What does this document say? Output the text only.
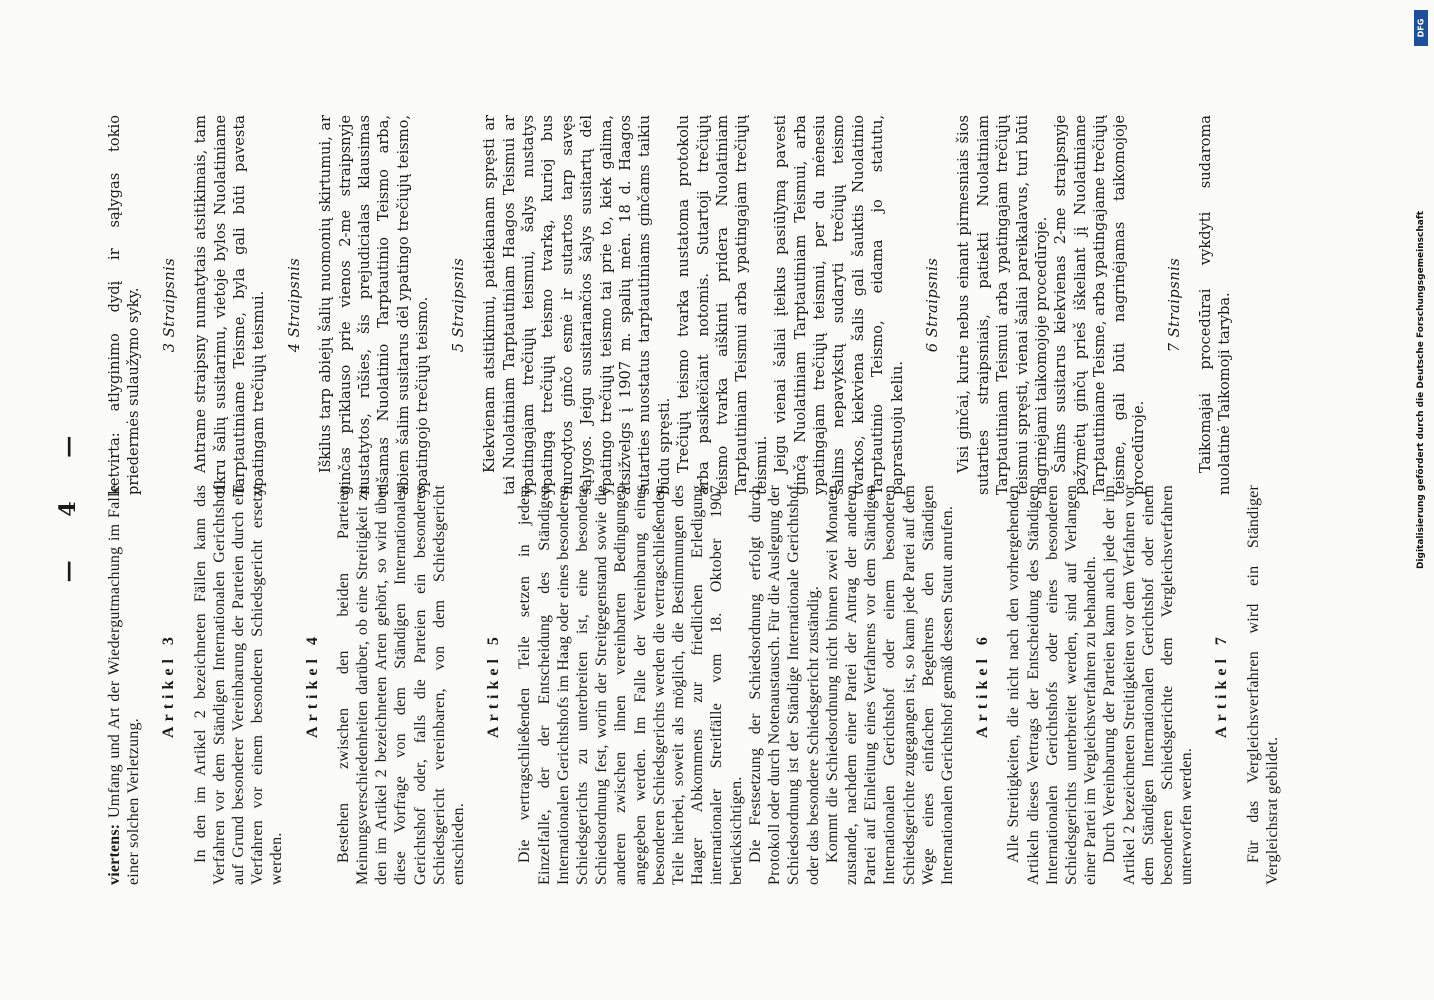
— 4 —

viertens: Umfang und Art der Wiedergutmachung im Falle einer solchen Verletzung.

Artikel 3 In den im Artikel 2 bezeichneten Fällen kann das Verfahren vor dem Ständigen Internationalen Gerichtshof auf Grund besonderer Vereinbarung der Parteien durch ein Verfahren vor einem besonderen Schiedsgericht ersetzt werden.

Artikel 4 Bestehen zwischen den beiden Parteien Meinungsverschiedenheiten darüber, ob eine Streitigkeit zu den im Artikel 2 bezeichneten Arten gehört, so wird über diese Vorfrage von dem Ständigen Internationalen Gerichtshof oder, falls die Parteien ein besonderes Schiedsgericht vereinbaren, von dem Schiedsgericht entschieden.

Artikel 5 Die vertragschließenden Teile setzen in jedem Einzelfalle, der der Entscheidung des Ständigen Internationalen Gerichtshofs im Haag oder eines besonderen Schiedsgerichts zu unterbreiten ist, eine besondere Schiedsordnung fest, worin der Streitgegenstand sowie die anderen zwischen ihnen vereinbarten Bedingungen angegeben werden. Im Falle der Vereinbarung eines besonderen Schiedsgerichts werden die vertragschließenden Teile hierbei, soweit als möglich, die Bestimmungen des Haager Abkommens zur friedlichen Erledigung internationaler Streitfälle vom 18. Oktober 1907 berücksichtigen. Die Festsetzung der Schiedsordnung erfolgt durch Protokoll oder durch Notenaustausch. Für die Auslegung der Schiedsordnung ist der Ständige Internationale Gerichtshof oder das besondere Schiedsgericht zuständig. Kommt die Schiedsordnung nicht binnen zwei Monaten zustande, nachdem einer Partei der Antrag der anderen Partei auf Einleitung eines Verfahrens vor dem Ständigen Internationalen Gerichtshof oder einem besonderen Schiedsgerichte zugegangen ist, so kann jede Partei auf dem Wege eines einfachen Begehrens den Ständigen Internationalen Gerichtshof gemäß dessen Statut anrufen. Artikel 6 Alle Streitigkeiten, die nicht nach den vorhergehenden Artikeln dieses Vertrags der Entscheidung des Ständigen Internationalen Gerichtshofs oder eines besonderen Schiedsgerichts unterbreitet werden, sind auf Verlangen einer Partei im Vergleichsverfahren zu behandeln. Durch Vereinbarung der Parteien kann auch jede der im Artikel 2 bezeichneten Streitigkeiten vor dem Verfahren vor dem Ständigen Internationalen Gerichtshof oder einem besonderen Schiedsgerichte dem Vergleichsverfahren unterworfen werden.

Artikel 7 Für das Vergleichsverfahren wird ein Ständiger Vergleichsrat gebildet.

ketvirta: atlyginimo dydį ir sąlygas tokio priedermės sulaužymo syky. 3 Straipsnis Antrame straipsny numatytais atsitikimais, tam tikru šalių susitarimu, vietoje bylos Nuolatiniame Tarptautiniame Teisme, byla gali būti pavesta ypatingam trečiųjų teismui. 4 Straipsnis Iškilus tarp abiejų šalių nuomonių skirtumui, ar ginčas priklauso prie vienos 2-me straipsnyje nustatytos, rūšies, šis prejudicialas klausimas rišamas Nuolatinio Tarptautinio Teismo arba, abiem šalim susitarus dėl ypatingo trečiųjų teismo, ypatingojo trečiųjų teismo. 5 Straipsnis Kiekvienam atsitikimui, patiekianam spręsti ar tai Nuolatiniam Tarptautiniam Haagos Teismui ar ypatingajam trečiųjų teismui, šalys nustatys ypatingą trečiųjų teismo tvarką, kurioj bus nurodytos ginčo esmė ir sutartos tarp savęs sąlygos. Jeigu susitariančios šalys susitartų dėl ypatingo trečiųjų teismo tai prie to, kiek galima, atsižvelgs į 1907 m. spalių mėn. 18 d. Haagos sutarties nuostatus tarptautiniams ginčams taikiu būdu spręsti. Trečiųjų teismo tvarka nustatoma protokolu arba pasikeičiant notomis. Sutartoji trečiųjų teismo tvarka aiškinti pridera Nuolatiniam Tarptautiniam Teismui arba ypatingajam trečiųjų teismui. Jeigu vienai šaliai įteikus pasiūlymą pavesti ginčą Nuolatiniam Tarptautiniam Teismui, arba ypatingajam trečiųjų teismui, per du mėnesiu šalims nepavykstų sudaryti trečiųjų teismo tvarkos, kiekviena šalis gali šauktis Nuolatinio Tarptautinio Teismo, eidama jo statutu, paprastuoju keliu.

6 Straipsnis Visi ginčai, kurie nebus einant pirmesniais šios sutarties straipsniais, patiekti Nuolatiniam Tarptautiniam Teismui arba ypatingajam trečiųjų teismui spręsti, vienai šaliai pareikalavus, turi būti nagrinėjami taikomojoje procedūroje. Šalims susitarus kiekvienas 2-me straipsnyje pažymėtų ginčų prieš iškeliant jį Nuolatiniame Tarptautiniame Teisme, arba ypatingajame trečiųjų teisme, gali būti nagrinėjamas taikomojoje procedūroje.

7 Straipsnis Taikomajai procedūrai vykdyti sudaroma nuolatinė Taikomoji taryba.

DFG
Digitalisierung gefördert durch die Deutsche Forschungsgemeinschaft
